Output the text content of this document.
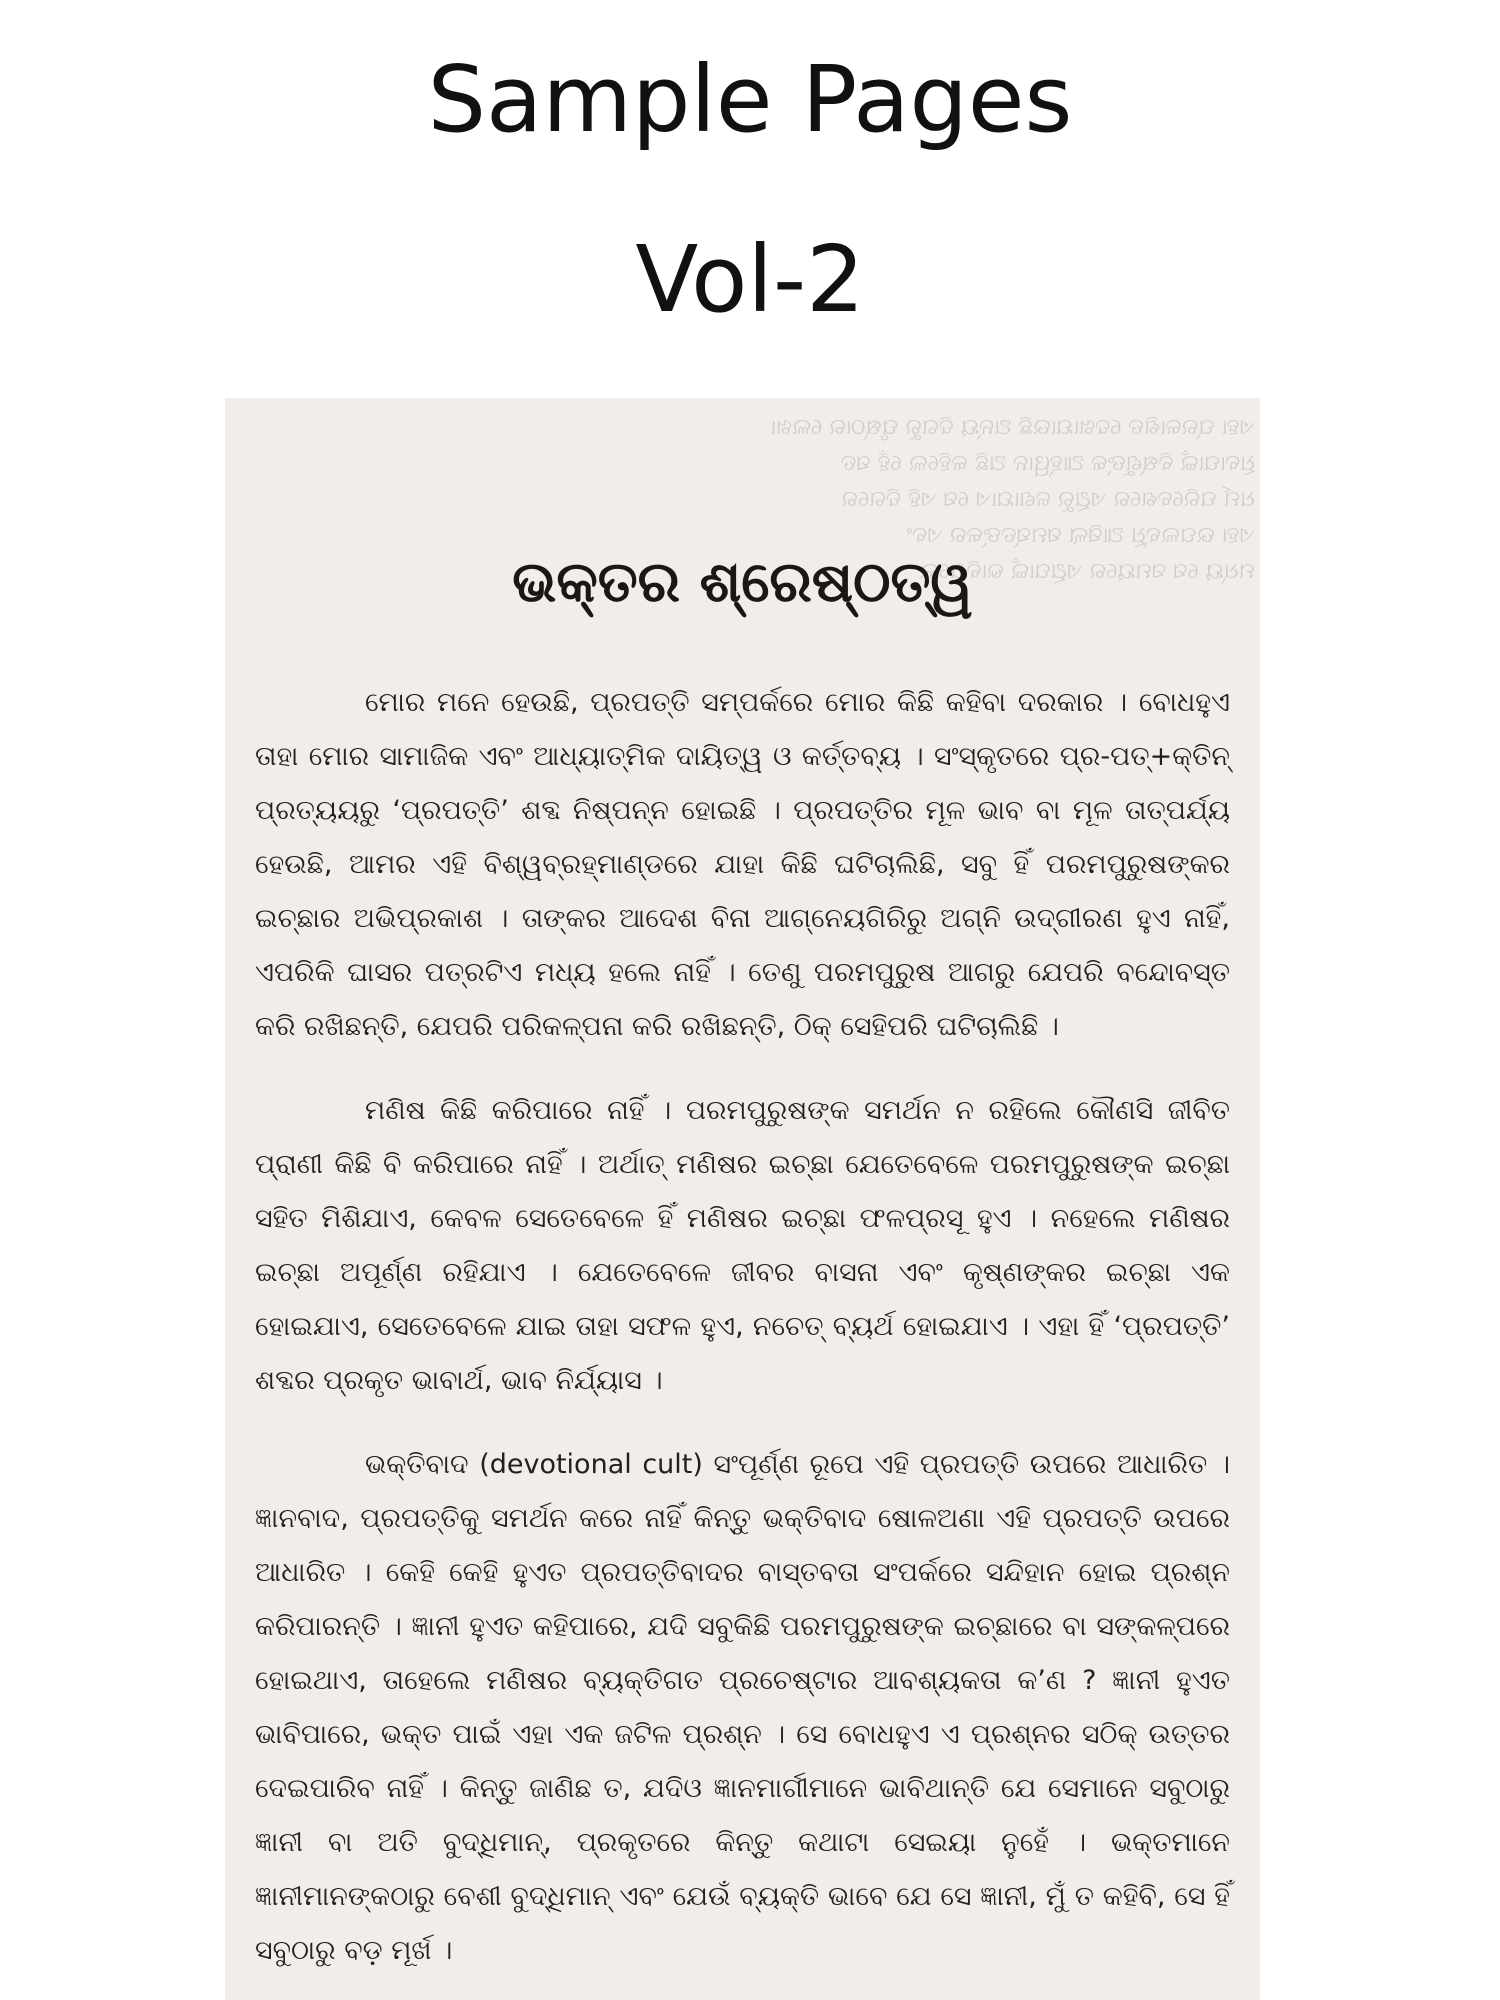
Sample Pages
Vol-2
ଏହା ପ୍ରକାଶିତ ଦେଖାଯାଉଛି ଅନ୍ୟ ଦିଗରୁ ପୃଷ୍ଠାର ଲେଖା
ଧିବାପାଇଁ ବିଷ୍ଣୁଙ୍କ ଆହ୍ୱାନ ଅଛି କହିଲେ ହେଁ ସତ
ଧର୍ମ ପରିବେଶରେ ଏଥିରୁ ଜଣାଯାଏ ସେ ଏହି ଦିଗରେ
ଏହା ଉପଲବ୍ଧି ଆସିଲା ସମସ୍ତଙ୍କର ଏବଂ
ମଧ୍ୟ ସେ ସମୟରେ ଏଥିପାଇଁ ଭାବିଥିଲେ
ଭକ୍ତର ଶ୍ରେଷ୍ଠତ୍ୱ

ମୋର ମନେ ହେଉଛି, ପ୍ରପତ୍ତି ସମ୍ପର୍କରେ ମୋର କିଛି କହିବା ଦରକାର । ବୋଧହୁଏ ତାହା ମୋର ସାମାଜିକ ଏବଂ ଆଧ୍ୟାତ୍ମିକ ଦାୟିତ୍ୱ ଓ କର୍ତ୍ତବ୍ୟ । ସଂସ୍କୃତରେ ପ୍ର-ପତ୍+କ୍ତିନ୍ ପ୍ରତ୍ୟୟରୁ ‘ପ୍ରପତ୍ତି’ ଶବ୍ଦ ନିଷ୍ପନ୍ନ ହୋଇଛି । ପ୍ରପତ୍ତିର ମୂଳ ଭାବ ବା ମୂଳ ତାତ୍ପର୍ଯ୍ୟ ହେଉଛି, ଆମର ଏହି ବିଶ୍ୱବ୍ରହ୍ମାଣ୍ଡରେ ଯାହା କିଛି ଘଟିଚାଲିଛି, ସବୁ ହିଁ ପରମପୁରୁଷଙ୍କର ଇଚ୍ଛାର ଅଭିପ୍ରକାଶ । ତାଙ୍କର ଆଦେଶ ବିନା ଆଗ୍ନେୟଗିରିରୁ ଅଗ୍ନି ଉଦ୍‌ଗୀରଣ ହୁଏ ନାହିଁ, ଏପରିକି ଘାସର ପତ୍ରଟିଏ ମଧ୍ୟ ହଲେ ନାହିଁ । ତେଣୁ ପରମପୁରୁଷ ଆଗରୁ ଯେପରି ବନ୍ଦୋବସ୍ତ କରି ରଖିଛନ୍ତି, ଯେପରି ପରିକଳ୍ପନା କରି ରଖିଛନ୍ତି, ଠିକ୍ ସେହିପରି ଘଟିଚାଲିଛି ।

ମଣିଷ କିଛି କରିପାରେ ନାହିଁ । ପରମପୁରୁଷଙ୍କ ସମର୍ଥନ ନ ରହିଲେ କୌଣସି ଜୀବିତ ପ୍ରାଣୀ କିଛି ବି କରିପାରେ ନାହିଁ । ଅର୍ଥାତ୍ ମଣିଷର ଇଚ୍ଛା ଯେତେବେଳେ ପରମପୁରୁଷଙ୍କ ଇଚ୍ଛା ସହିତ ମିଶିଯାଏ, କେବଳ ସେତେବେଳେ ହିଁ ମଣିଷର ଇଚ୍ଛା ଫଳପ୍ରସୂ ହୁଏ । ନହେଲେ ମଣିଷର ଇଚ୍ଛା ଅପୂର୍ଣ୍ଣ ରହିଯାଏ । ଯେତେବେଳେ ଜୀବର ବାସନା ଏବଂ କୃଷ୍ଣଙ୍କର ଇଚ୍ଛା ଏକ ହୋଇଯାଏ, ସେତେବେଳେ ଯାଇ ତାହା ସଫଳ ହୁଏ, ନଚେତ୍ ବ୍ୟର୍ଥ ହୋଇଯାଏ । ଏହା ହିଁ ‘ପ୍ରପତ୍ତି’ ଶବ୍ଦର ପ୍ରକୃତ ଭାବାର୍ଥ, ଭାବ ନିର୍ଯ୍ୟାସ ।

ଭକ୍ତିବାଦ (devotional cult) ସଂପୂର୍ଣ୍ଣ ରୂପେ ଏହି ପ୍ରପତ୍ତି ଉପରେ ଆଧାରିତ । ଜ୍ଞାନବାଦ, ପ୍ରପତ୍ତିକୁ ସମର୍ଥନ କରେ ନାହିଁ କିନ୍ତୁ ଭକ୍ତିବାଦ ଷୋଳଅଣା ଏହି ପ୍ରପତ୍ତି ଉପରେ ଆଧାରିତ । କେହି କେହି ହୁଏତ ପ୍ରପତ୍ତିବାଦର ବାସ୍ତବତା ସଂପର୍କରେ ସନ୍ଦିହାନ ହୋଇ ପ୍ରଶ୍ନ କରିପାରନ୍ତି । ଜ୍ଞାନୀ ହୁଏତ କହିପାରେ, ଯଦି ସବୁକିଛି ପରମପୁରୁଷଙ୍କ ଇଚ୍ଛାରେ ବା ସଙ୍କଳ୍ପରେ ହୋଇଥାଏ, ତାହେଲେ ମଣିଷର ବ୍ୟକ୍ତିଗତ ପ୍ରଚେଷ୍ଟାର ଆବଶ୍ୟକତା କ’ଣ ? ଜ୍ଞାନୀ ହୁଏତ ଭାବିପାରେ, ଭକ୍ତ ପାଇଁ ଏହା ଏକ ଜଟିଳ ପ୍ରଶ୍ନ । ସେ ବୋଧହୁଏ ଏ ପ୍ରଶ୍ନର ସଠିକ୍ ଉତ୍ତର ଦେଇପାରିବ ନାହିଁ । କିନ୍ତୁ ଜାଣିଛ ତ, ଯଦିଓ ଜ୍ଞାନମାର୍ଗୀମାନେ ଭାବିଥାନ୍ତି ଯେ ସେମାନେ ସବୁଠାରୁ ଜ୍ଞାନୀ ବା ଅତି ବୁଦ୍ଧିମାନ୍, ପ୍ରକୃତରେ କିନ୍ତୁ କଥାଟା ସେଇୟା ନୁହେଁ । ଭକ୍ତମାନେ ଜ୍ଞାନୀମାନଙ୍କଠାରୁ ବେଶୀ ବୁଦ୍ଧିମାନ୍ ଏବଂ ଯେଉଁ ବ୍ୟକ୍ତି ଭାବେ ଯେ ସେ ଜ୍ଞାନୀ, ମୁଁ ତ କହିବି, ସେ ହିଁ ସବୁଠାରୁ ବଡ଼ ମୂର୍ଖ ।
